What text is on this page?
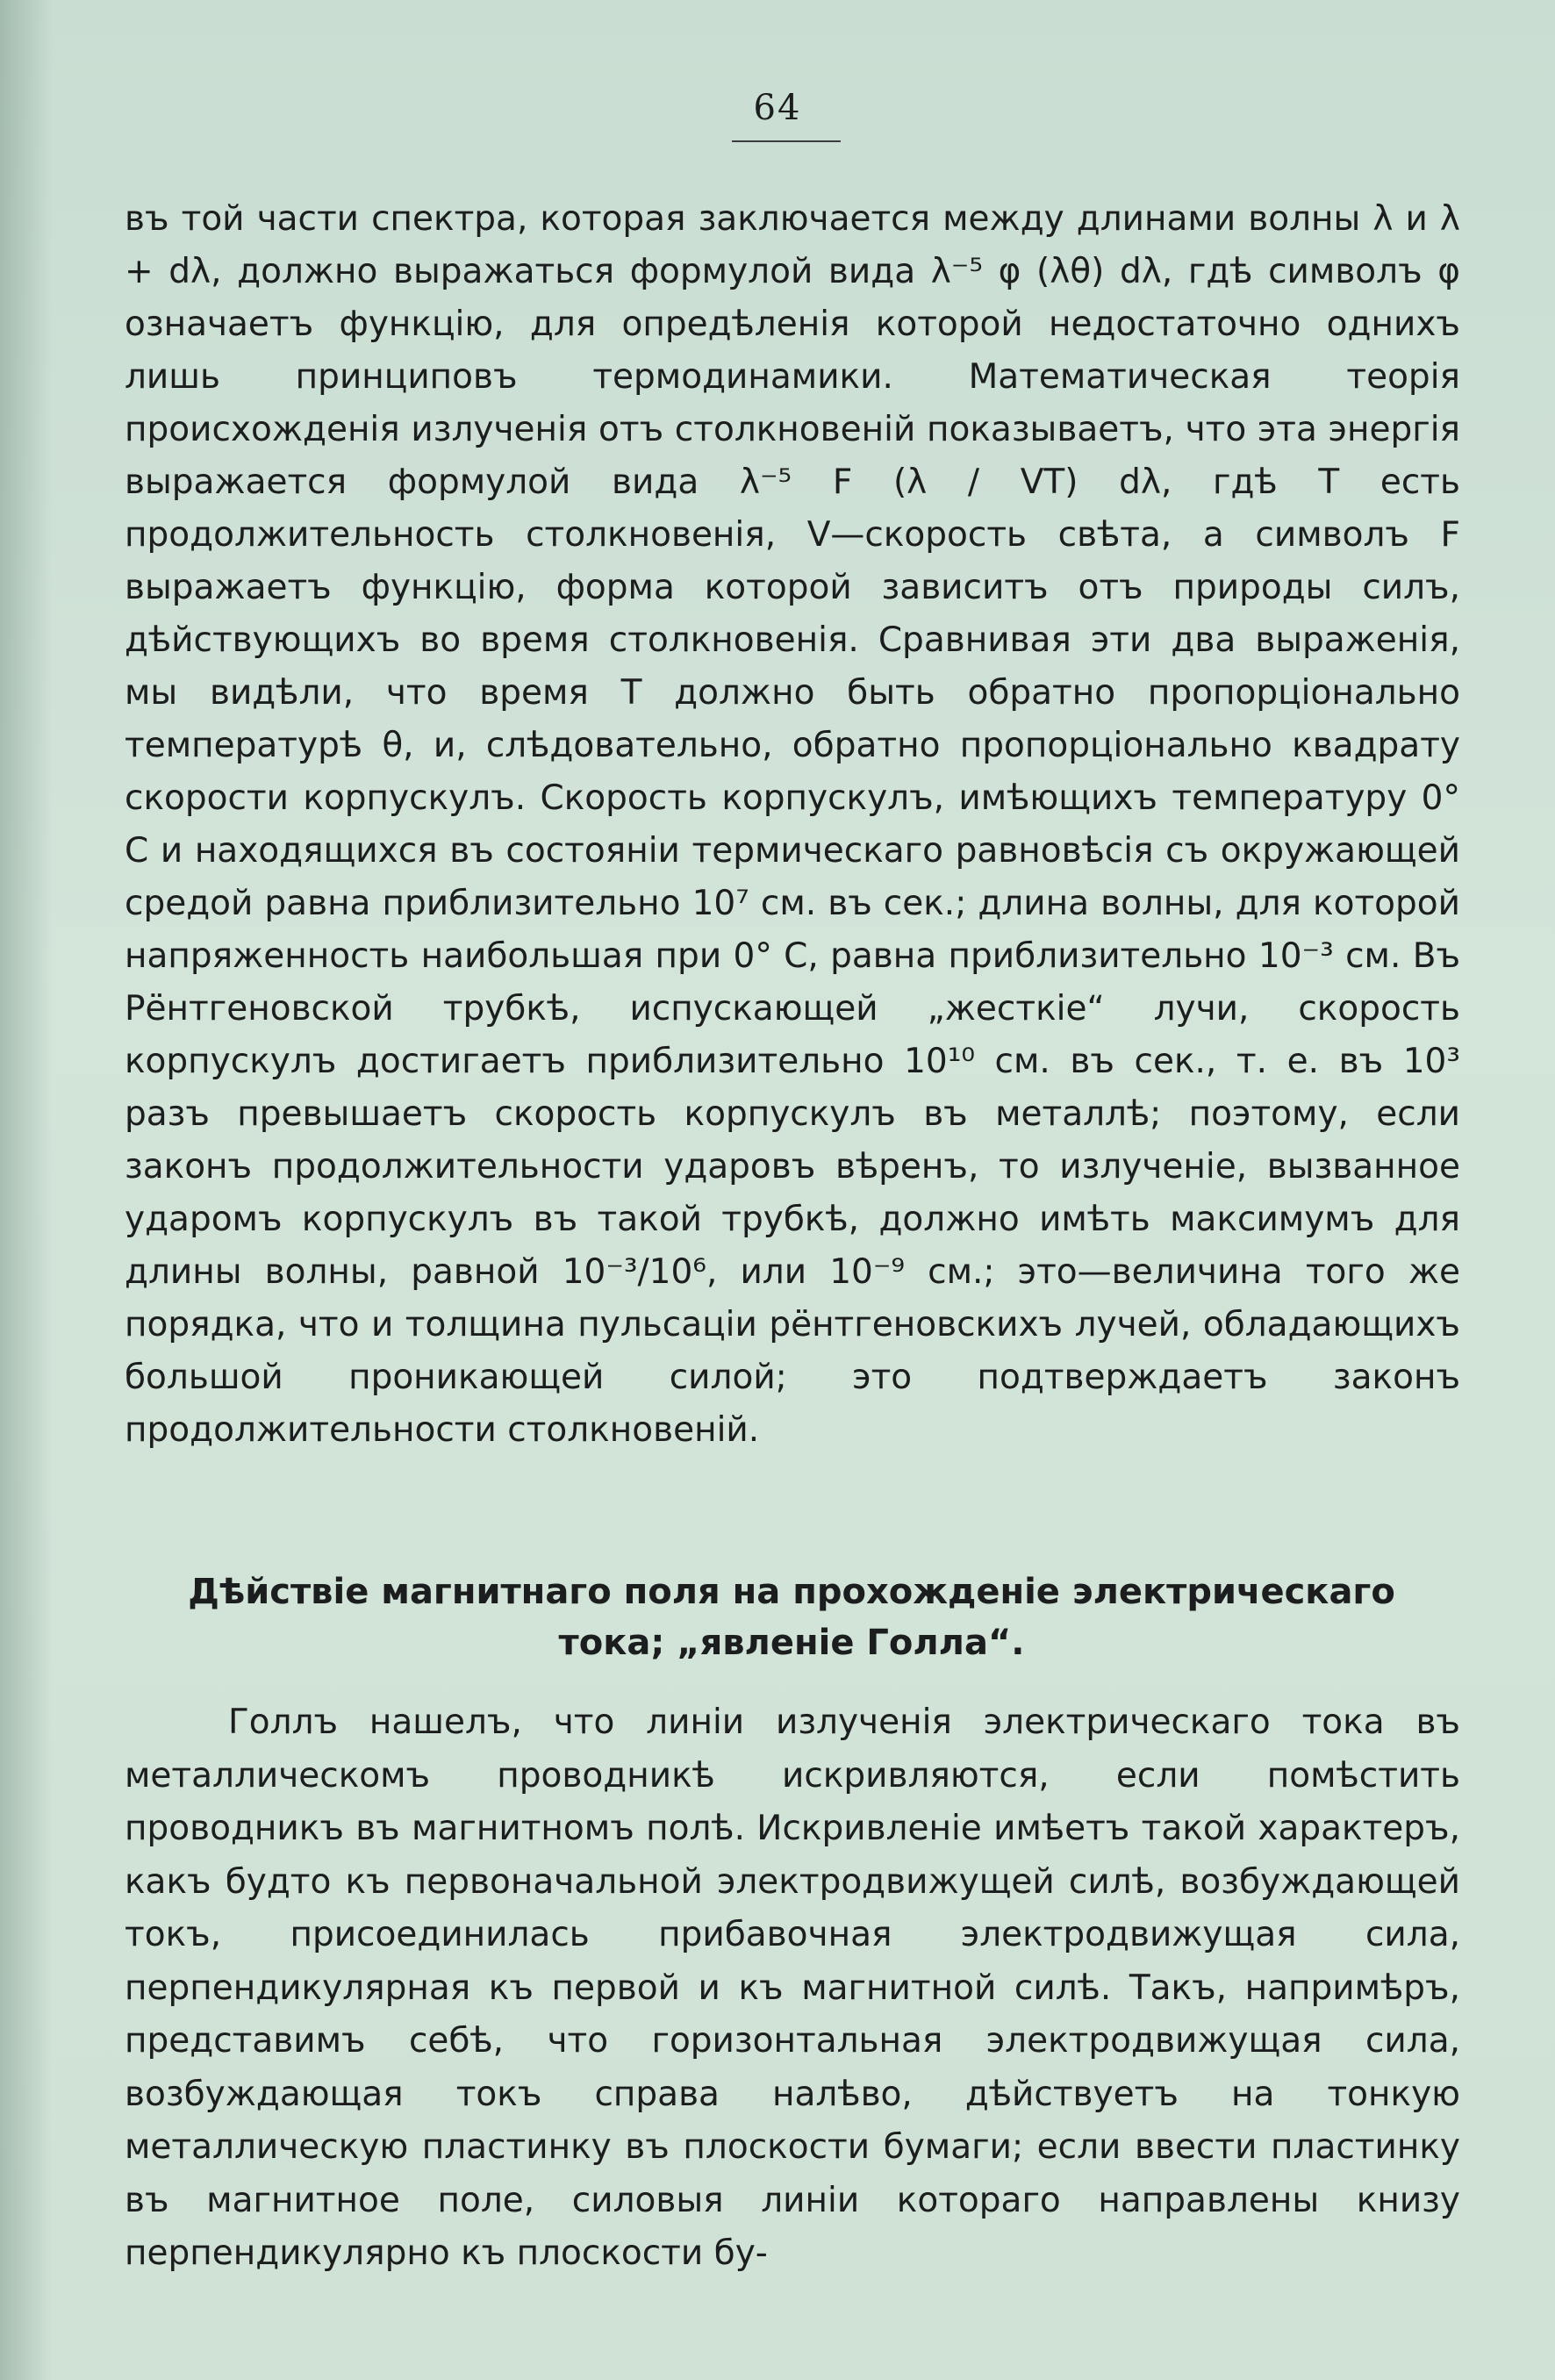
64

въ той части спектра, которая заключается между длинами волны λ и λ + dλ, должно выражаться формулой вида λ⁻⁵ φ (λθ) dλ, гдѣ символъ φ означаетъ функцію, для опредѣленія которой недостаточно однихъ лишь принциповъ термодинамики. Математическая теорія происхожденія излученія отъ столкновеній показываетъ, что эта энергія выражается формулой вида λ⁻⁵ F (λ / VT) dλ, гдѣ T есть продолжительность столкновенія, V—скорость свѣта, а символъ F выражаетъ функцію, форма которой зависитъ отъ природы силъ, дѣйствующихъ во время столкновенія. Сравнивая эти два выраженія, мы видѣли, что время T должно быть обратно пропорціонально температурѣ θ, и, слѣдовательно, обратно пропорціонально квадрату скорости корпускулъ. Скорость корпускулъ, имѣющихъ температуру 0° C и находящихся въ состояніи термическаго равновѣсія съ окружающей средой равна приблизительно 10⁷ см. въ сек.; длина волны, для которой напряженность наибольшая при 0° C, равна приблизительно 10⁻³ см. Въ Рёнтгеновской трубкѣ, испускающей „жесткіе“ лучи, скорость корпускулъ достигаетъ приблизительно 10¹⁰ см. въ сек., т. е. въ 10³ разъ превышаетъ скорость корпускулъ въ металлѣ; поэтому, если законъ продолжительности ударовъ вѣренъ, то излученіе, вызванное ударомъ корпускулъ въ такой трубкѣ, должно имѣть максимумъ для длины волны, равной 10⁻³/10⁶, или 10⁻⁹ см.; это—величина того же порядка, что и толщина пульсаціи рёнтгеновскихъ лучей, обладающихъ большой проникающей силой; это подтверждаетъ законъ продолжительности столкновеній.

Дѣйствіе магнитнаго поля на прохожденіе электрическаго
тока; „явленіе Голла“.

Голлъ нашелъ, что линіи излученія электрическаго тока въ металлическомъ проводникѣ искривляются, если помѣстить проводникъ въ магнитномъ полѣ. Искривленіе имѣетъ такой характеръ, какъ будто къ первоначальной электродвижущей силѣ, возбуждающей токъ, присоединилась прибавочная электродвижущая сила, перпендикулярная къ первой и къ магнитной силѣ. Такъ, напримѣръ, представимъ себѣ, что горизонтальная электродвижущая сила, возбуждающая токъ справа налѣво, дѣйствуетъ на тонкую металлическую пластинку въ плоскости бумаги; если ввести пластинку въ магнитное поле, силовыя линіи котораго направлены книзу перпендикулярно къ плоскости бу-
